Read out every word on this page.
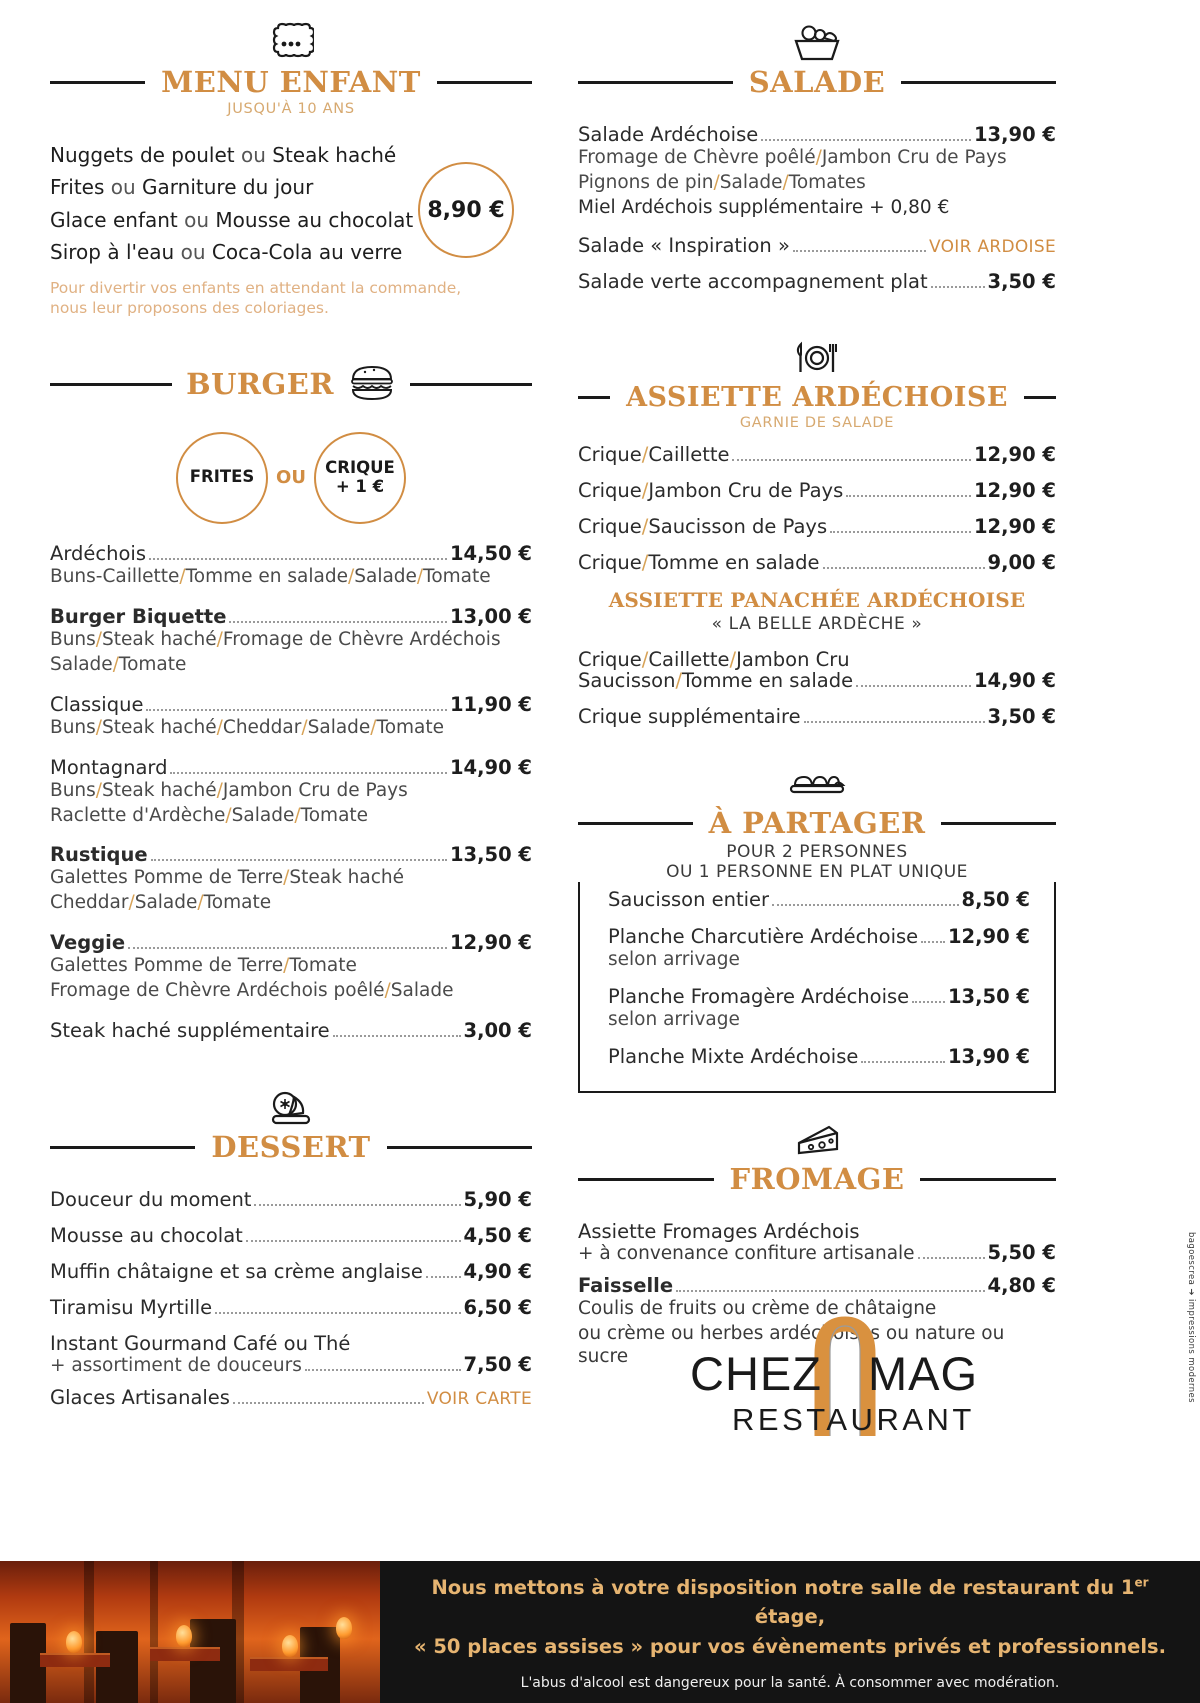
MENU ENFANT
JUSQU'À 10 ANS
8,90 €
Nuggets de poulet ou Steak haché
Frites ou Garniture du jour
Glace enfant ou Mousse au chocolat
Sirop à l'eau ou Coca-Cola au verre
Pour divertir vos enfants en attendant la commande,
nous leur proposons des coloriages.
BURGER
FRITES OU CRIQUE
+ 1 €
Ardéchois	14,50 €
Buns-Caillette/Tomme en salade/Salade/Tomate
Burger Biquette	13,00 €
Buns/Steak haché/Fromage de Chèvre Ardéchois
Salade/Tomate
Classique	11,90 €
Buns/Steak haché/Cheddar/Salade/Tomate
Montagnard	14,90 €
Buns/Steak haché/Jambon Cru de Pays
Raclette d'Ardèche/Salade/Tomate
Rustique	13,50 €
Galettes Pomme de Terre/Steak haché
Cheddar/Salade/Tomate
Veggie	12,90 €
Galettes Pomme de Terre/Tomate
Fromage de Chèvre Ardéchois poêlé/Salade
Steak haché supplémentaire	3,00 €
DESSERT
Douceur du moment	5,90 €
Mousse au chocolat	4,50 €
Muffin châtaigne et sa crème anglaise 4,90 €
Tiramisu Myrtille	6,50 €
Instant Gourmand Café ou Thé
+ assortiment de douceurs	7,50 €
Glaces Artisanales	VOIR CARTE
SALADE
Salade Ardéchoise	13,90 €
Fromage de Chèvre poêlé/Jambon Cru de Pays
Pignons de pin/Salade/Tomates
Miel Ardéchois supplémentaire + 0,80 €
Salade « Inspiration »	VOIR ARDOISE
Salade verte accompagnement plat	3,50 €
ASSIETTE ARDÉCHOISE
GARNIE DE SALADE
Crique/Caillette	12,90 €
Crique/Jambon Cru de Pays	12,90 €
Crique/Saucisson de Pays	12,90 €
Crique/Tomme en salade	9,00 €
ASSIETTE PANACHÉE ARDÉCHOISE
« LA BELLE ARDÈCHE »
Crique/Caillette/Jambon Cru
Saucisson/Tomme en salade	14,90 €
Crique supplémentaire	3,50 €
À PARTAGER
POUR 2 PERSONNES
OU 1 PERSONNE EN PLAT UNIQUE
Saucisson entier	8,50 €
Planche Charcutière Ardéchoise 12,90 €
selon arrivage
Planche Fromagère Ardéchoise 13,50 €
selon arrivage
Planche Mixte Ardéchoise	13,90 €
FROMAGE
Assiette Fromages Ardéchois
+ à convenance confiture artisanale	5,50 €
Faisselle	4,80 €
Coulis de fruits ou crème de châtaigne
ou crème ou herbes ardéchoises ou nature ou sucre	CHEZ MAG
RESTAURANT
bagoescrea ➜ impressions modernes
Nous mettons à votre disposition notre salle de restaurant du 1er étage,
« 50 places assises » pour vos évènements privés et professionnels.
L'abus d'alcool est dangereux pour la santé. À consommer avec modération.
